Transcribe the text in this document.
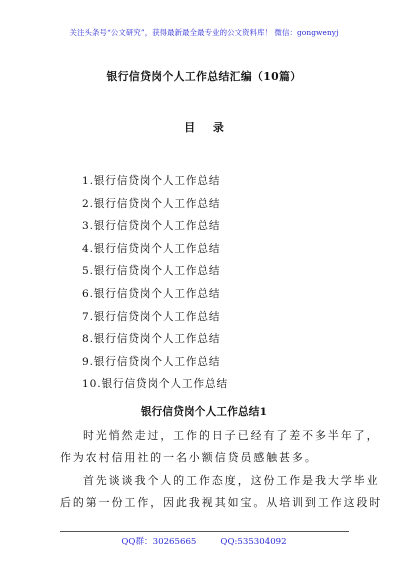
关注头条号“公文研究”，获得最新最全最专业的公文资料库！ 微信：gongwenyj
银行信贷岗个人工作总结汇编（10篇）
目 录
1.银行信贷岗个人工作总结
2.银行信贷岗个人工作总结
3.银行信贷岗个人工作总结
4.银行信贷岗个人工作总结
5.银行信贷岗个人工作总结
6.银行信贷岗个人工作总结
7.银行信贷岗个人工作总结
8.银行信贷岗个人工作总结
9.银行信贷岗个人工作总结
10.银行信贷岗个人工作总结
银行信贷岗个人工作总结1
时光悄然走过，工作的日子已经有了差不多半年了，
作为农村信用社的一名小额信贷员感触甚多。
首先谈谈我个人的工作态度，这份工作是我大学毕业
后的第一份工作，因此我视其如宝。从培训到工作这段时
QQ群：30265665	QQ:535304092
